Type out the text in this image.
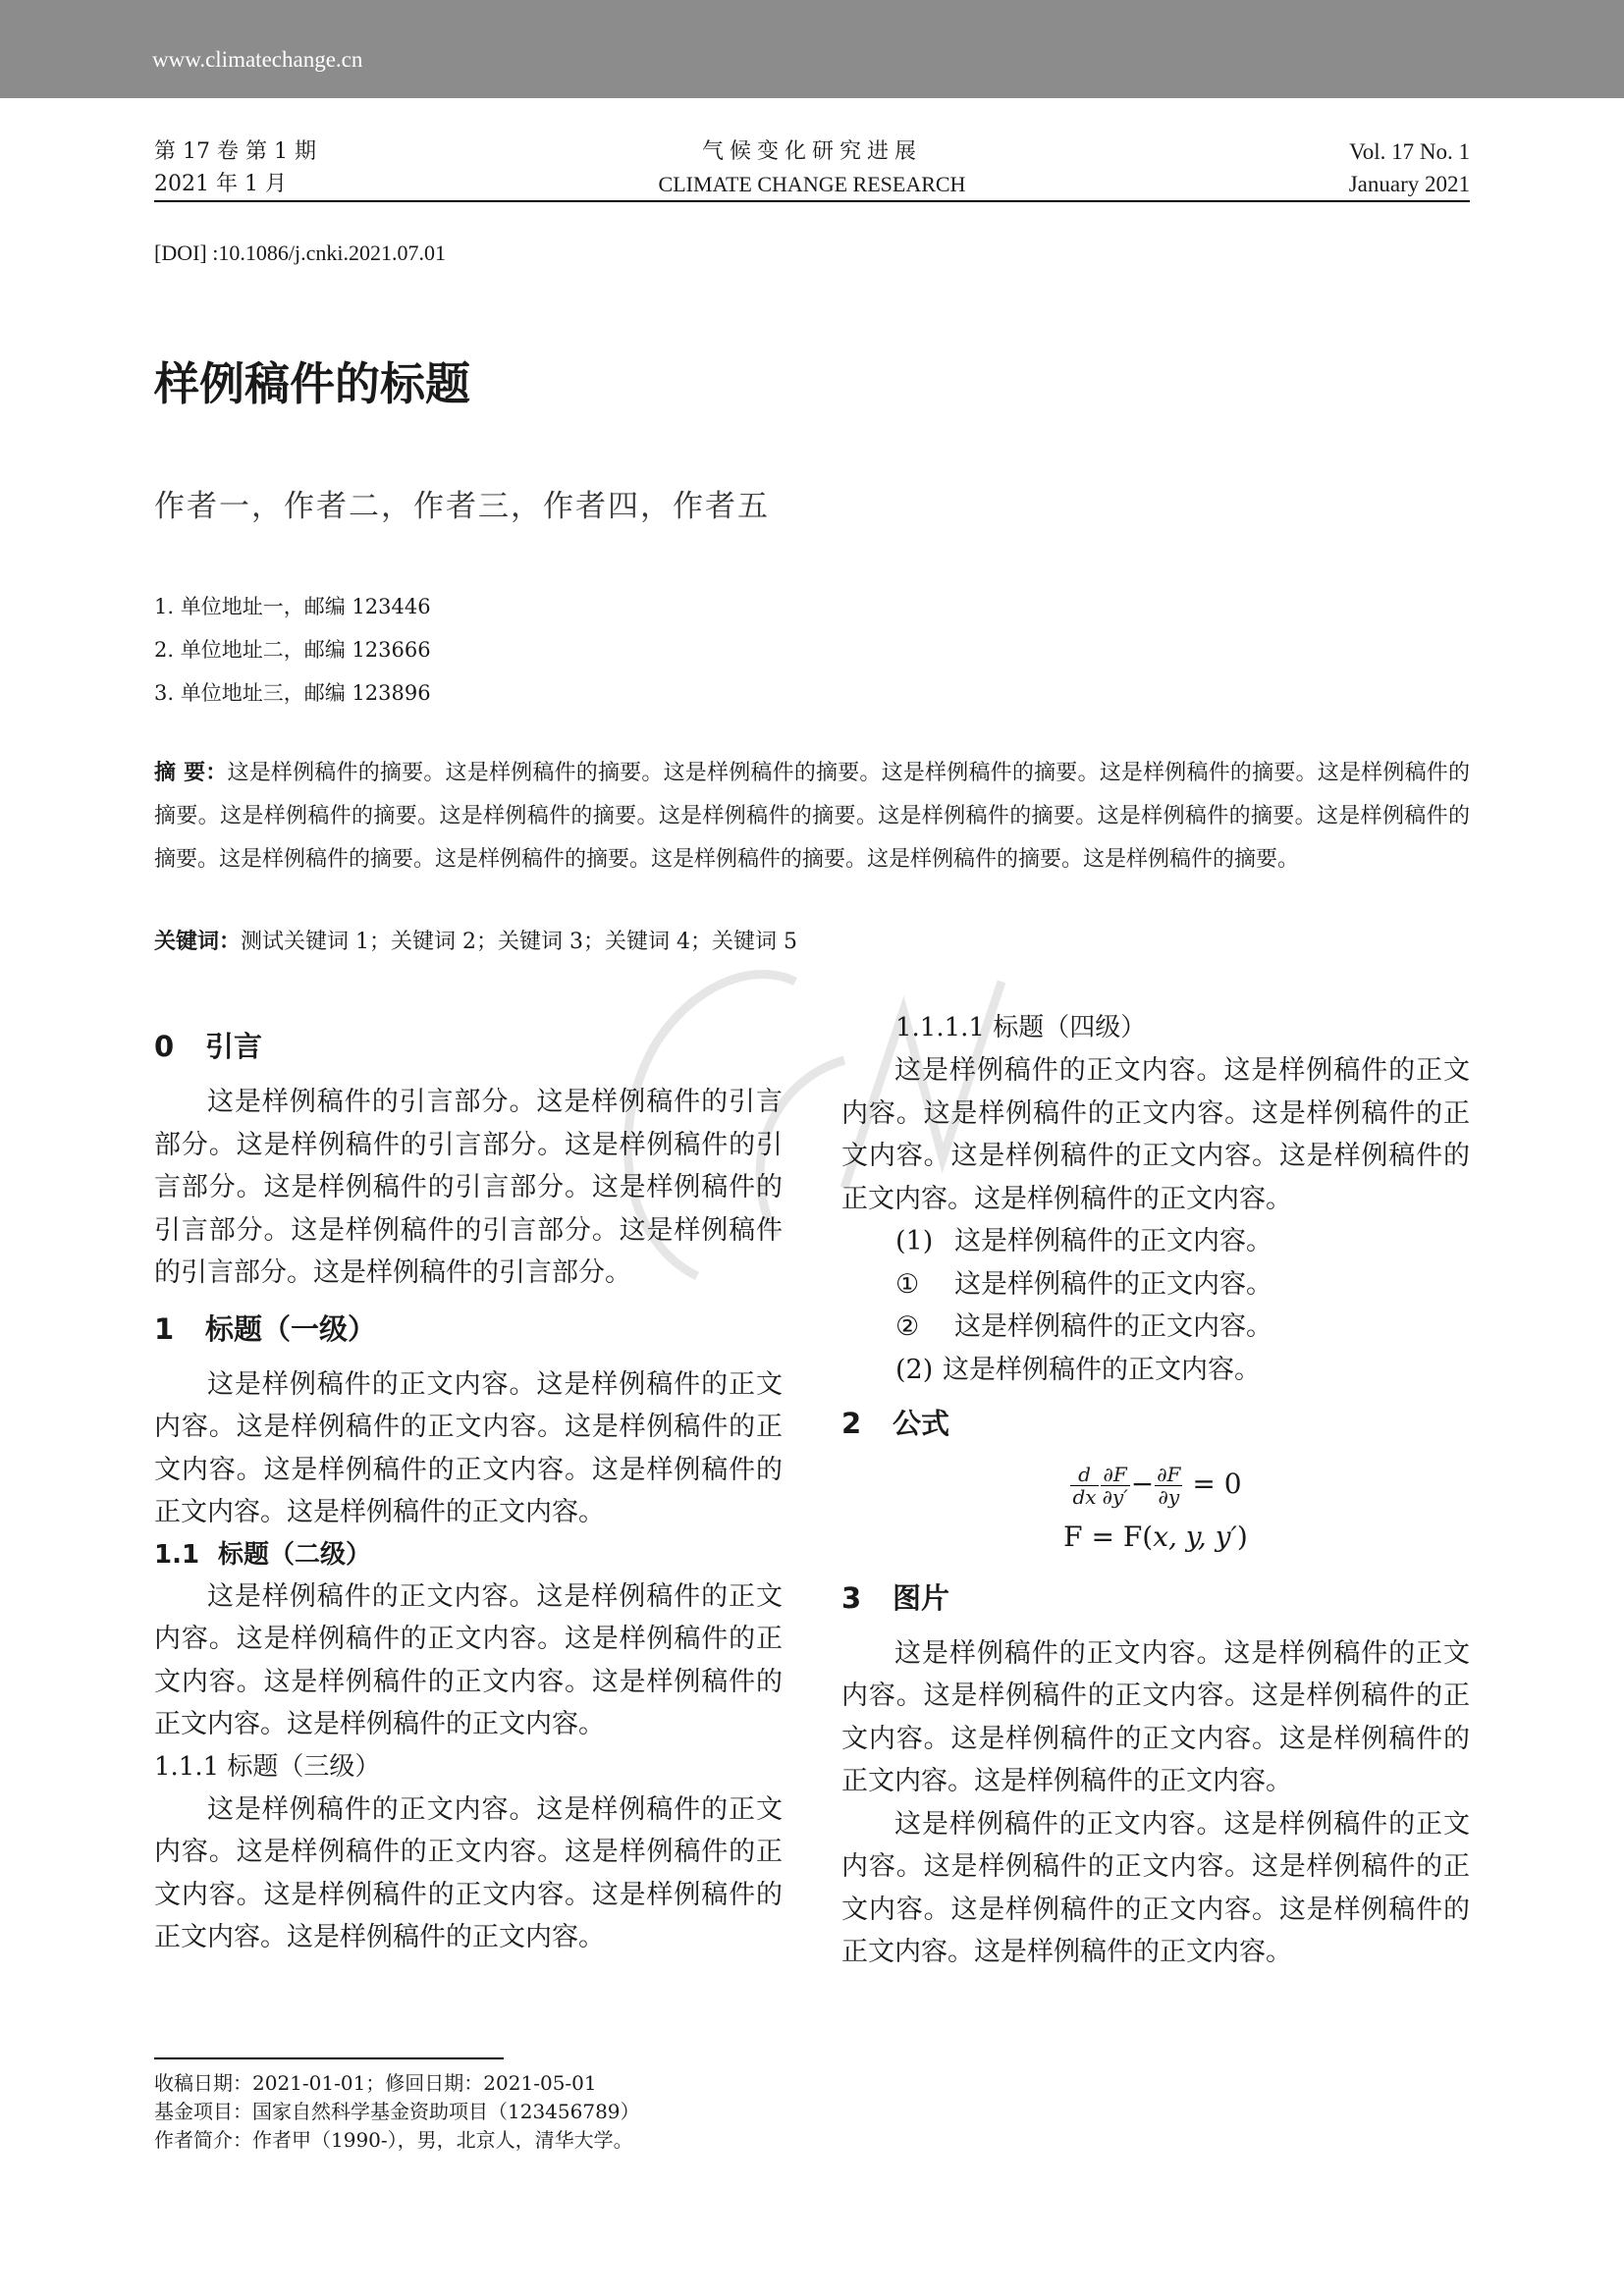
www.climatechange.cn
第 17 卷 第 1 期
2021 年 1 月
气候变化研究进展
CLIMATE CHANGE RESEARCH
Vol. 17 No. 1
January 2021
[DOI] :10.1086/j.cnki.2021.07.01
样例稿件的标题
作者一，作者二，作者三，作者四，作者五
1. 单位地址一，邮编 123446
2. 单位地址二，邮编 123666
3. 单位地址三，邮编 123896
摘 要：这是样例稿件的摘要。这是样例稿件的摘要。这是样例稿件的摘要。这是样例稿件的摘要。这是样例稿件的摘要。这是样例稿件的摘要。这是样例稿件的摘要。这是样例稿件的摘要。这是样例稿件的摘要。这是样例稿件的摘要。这是样例稿件的摘要。这是样例稿件的摘要。这是样例稿件的摘要。这是样例稿件的摘要。这是样例稿件的摘要。这是样例稿件的摘要。这是样例稿件的摘要。
关键词：测试关键词 1；关键词 2；关键词 3；关键词 4；关键词 5
0 引言
这是样例稿件的引言部分。这是样例稿件的引言部分。这是样例稿件的引言部分。这是样例稿件的引言部分。这是样例稿件的引言部分。这是样例稿件的引言部分。这是样例稿件的引言部分。这是样例稿件的引言部分。这是样例稿件的引言部分。
1 标题（一级）
这是样例稿件的正文内容。这是样例稿件的正文内容。这是样例稿件的正文内容。这是样例稿件的正文内容。这是样例稿件的正文内容。这是样例稿件的正文内容。这是样例稿件的正文内容。
1.1 标题（二级）
这是样例稿件的正文内容。这是样例稿件的正文内容。这是样例稿件的正文内容。这是样例稿件的正文内容。这是样例稿件的正文内容。这是样例稿件的正文内容。这是样例稿件的正文内容。
1.1.1 标题（三级）
这是样例稿件的正文内容。这是样例稿件的正文内容。这是样例稿件的正文内容。这是样例稿件的正文内容。这是样例稿件的正文内容。这是样例稿件的正文内容。这是样例稿件的正文内容。
1.1.1.1 标题（四级）
这是样例稿件的正文内容。这是样例稿件的正文内容。这是样例稿件的正文内容。这是样例稿件的正文内容。这是样例稿件的正文内容。这是样例稿件的正文内容。这是样例稿件的正文内容。
(1) 这是样例稿件的正文内容。
① 这是样例稿件的正文内容。
② 这是样例稿件的正文内容。
(2) 这是样例稿件的正文内容。
2 公式
$\frac{d}{dx} \frac{\partial F}{\partial y'} - \frac{\partial F}{\partial y} = 0$
F = F(x, y, y′)
3 图片
这是样例稿件的正文内容。这是样例稿件的正文内容。这是样例稿件的正文内容。这是样例稿件的正文内容。这是样例稿件的正文内容。这是样例稿件的正文内容。这是样例稿件的正文内容。
这是样例稿件的正文内容。这是样例稿件的正文内容。这是样例稿件的正文内容。这是样例稿件的正文内容。这是样例稿件的正文内容。这是样例稿件的正文内容。这是样例稿件的正文内容。
收稿日期：2021-01-01；修回日期：2021-05-01
基金项目：国家自然科学基金资助项目（123456789）
作者简介：作者甲（1990-），男，北京人，清华大学。
